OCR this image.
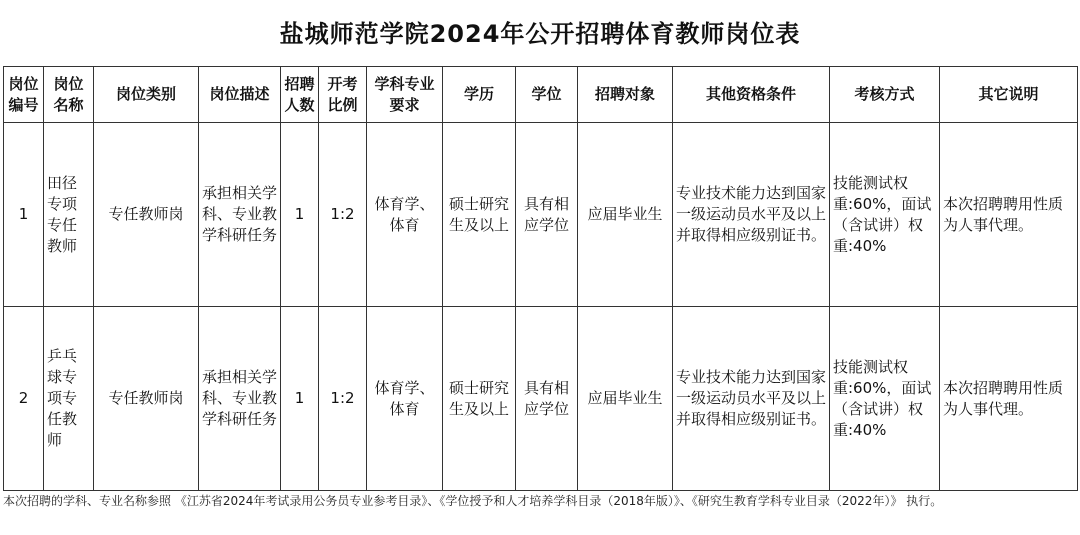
盐城师范学院2024年公开招聘体育教师岗位表
岗位编号	岗位名称	岗位类别	岗位描述	招聘人数	开考比例	学科专业要求	学历	学位	招聘对象	其他资格条件	考核方式	其它说明
1	田径专项专任教师	专任教师岗	承担相关学科、专业教学科研任务	1	1:2	体育学、体育	硕士研究生及以上	具有相应学位	应届毕业生	专业技术能力达到国家一级运动员水平及以上并取得相应级别证书。	技能测试权重:60%，面试（含试讲）权重:40%	本次招聘聘用性质为人事代理。
2	乒乓球专项专任教师	专任教师岗	承担相关学科、专业教学科研任务	1	1:2	体育学、体育	硕士研究生及以上	具有相应学位	应届毕业生	专业技术能力达到国家一级运动员水平及以上并取得相应级别证书。	技能测试权重:60%，面试（含试讲）权重:40%	本次招聘聘用性质为人事代理。
本次招聘的学科、专业名称参照 《江苏省2024年考试录用公务员专业参考目录》、《学位授予和人才培养学科目录（2018年版）》、《研究生教育学科专业目录（2022年）》 执行。
